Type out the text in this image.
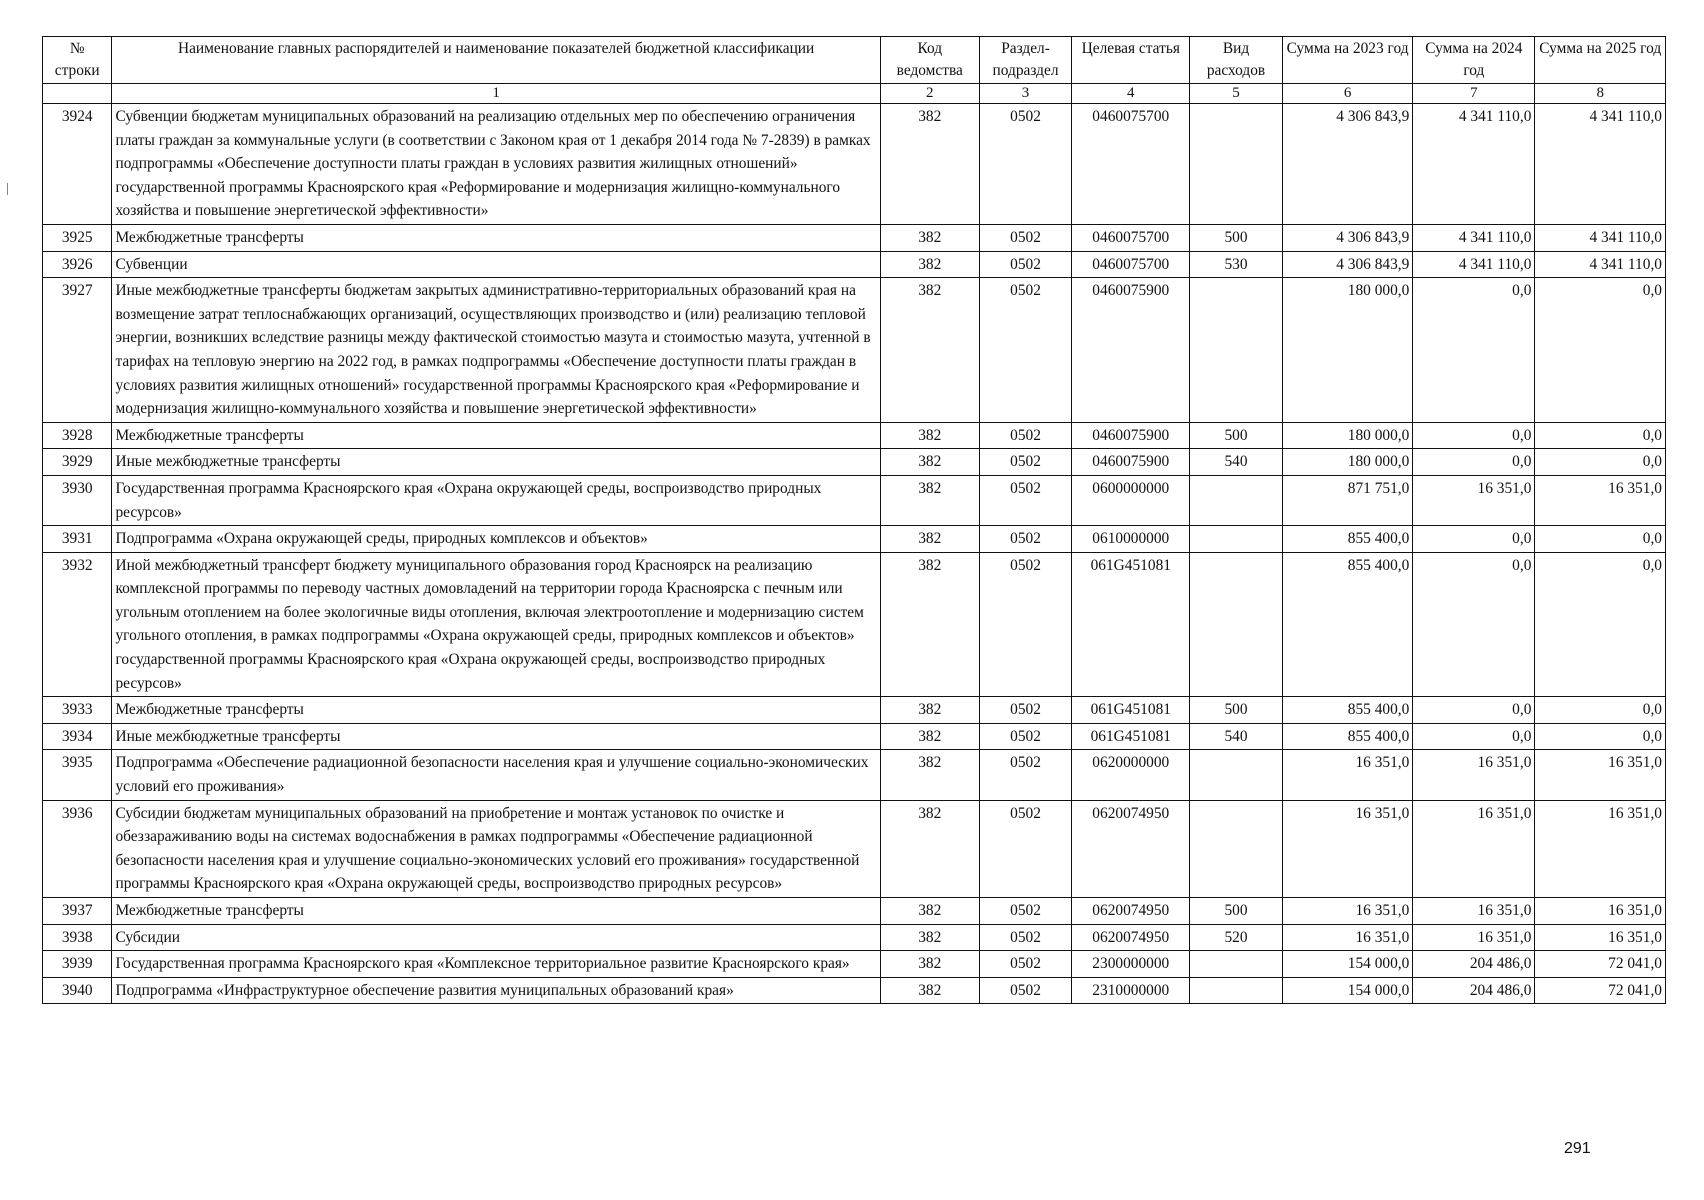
№ строки	Наименование главных распорядителей и наименование показателей бюджетной классификации	Код ведомства	Раздел-подраздел	Целевая статья	Вид расходов	Сумма на 2023 год	Сумма на 2024 год	Сумма на 2025 год
	1	2	3	4	5	6	7	8
3924	Субвенции бюджетам муниципальных образований на реализацию отдельных мер по обеспечению ограничения платы граждан за коммунальные услуги (в соответствии с Законом края от 1 декабря 2014 года № 7-2839) в рамках подпрограммы «Обеспечение доступности платы граждан в условиях развития жилищных отношений» государственной программы Красноярского края «Реформирование и модернизация жилищно-коммунального хозяйства и повышение энергетической эффективности»	382	0502	0460075700		4 306 843,9	4 341 110,0	4 341 110,0
3925	Межбюджетные трансферты	382	0502	0460075700	500	4 306 843,9	4 341 110,0	4 341 110,0
3926	Субвенции	382	0502	0460075700	530	4 306 843,9	4 341 110,0	4 341 110,0
3927	Иные межбюджетные трансферты бюджетам закрытых административно-территориальных образований края на возмещение затрат теплоснабжающих организаций, осуществляющих производство и (или) реализацию тепловой энергии, возникших вследствие разницы между фактической стоимостью мазута и стоимостью мазута, учтенной в тарифах на тепловую энергию на 2022 год, в рамках подпрограммы «Обеспечение доступности платы граждан в условиях развития жилищных отношений» государственной программы Красноярского края «Реформирование и модернизация жилищно-коммунального хозяйства и повышение энергетической эффективности»	382	0502	0460075900		180 000,0	0,0	0,0
3928	Межбюджетные трансферты	382	0502	0460075900	500	180 000,0	0,0	0,0
3929	Иные межбюджетные трансферты	382	0502	0460075900	540	180 000,0	0,0	0,0
3930	Государственная программа Красноярского края «Охрана окружающей среды, воспроизводство природных ресурсов»	382	0502	0600000000		871 751,0	16 351,0	16 351,0
3931	Подпрограмма «Охрана окружающей среды, природных комплексов и объектов»	382	0502	0610000000		855 400,0	0,0	0,0
3932	Иной межбюджетный трансферт бюджету муниципального образования город Красноярск на реализацию комплексной программы по переводу частных домовладений на территории города Красноярска с печным или угольным отоплением на более экологичные виды отопления, включая электроотопление и модернизацию систем угольного отопления, в рамках подпрограммы «Охрана окружающей среды, природных комплексов и объектов» государственной программы Красноярского края «Охрана окружающей среды, воспроизводство природных ресурсов»	382	0502	061G451081		855 400,0	0,0	0,0
3933	Межбюджетные трансферты	382	0502	061G451081	500	855 400,0	0,0	0,0
3934	Иные межбюджетные трансферты	382	0502	061G451081	540	855 400,0	0,0	0,0
3935	Подпрограмма «Обеспечение радиационной безопасности населения края и улучшение социально-экономических условий его проживания»	382	0502	0620000000		16 351,0	16 351,0	16 351,0
3936	Субсидии бюджетам муниципальных образований на приобретение и монтаж установок по очистке и обеззараживанию воды на системах водоснабжения в рамках подпрограммы «Обеспечение радиационной безопасности населения края и улучшение социально-экономических условий его проживания» государственной программы Красноярского края «Охрана окружающей среды, воспроизводство природных ресурсов»	382	0502	0620074950		16 351,0	16 351,0	16 351,0
3937	Межбюджетные трансферты	382	0502	0620074950	500	16 351,0	16 351,0	16 351,0
3938	Субсидии	382	0502	0620074950	520	16 351,0	16 351,0	16 351,0
3939	Государственная программа Красноярского края «Комплексное территориальное развитие Красноярского края»	382	0502	2300000000		154 000,0	204 486,0	72 041,0
3940	Подпрограмма «Инфраструктурное обеспечение развития муниципальных образований края»	382	0502	2310000000		154 000,0	204 486,0	72 041,0
291
